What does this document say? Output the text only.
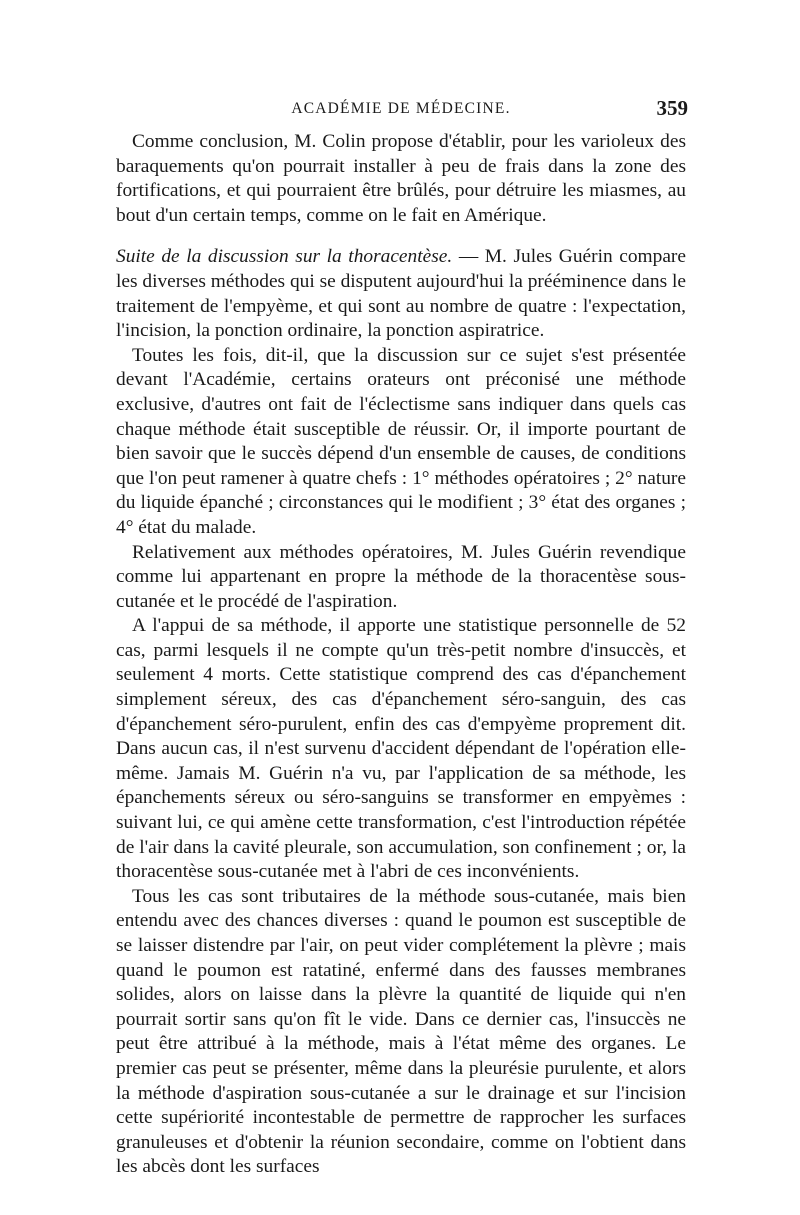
ACADÉMIE DE MÉDECINE.	359

Comme conclusion, M. Colin propose d'établir, pour les varioleux des baraquements qu'on pourrait installer à peu de frais dans la zone des fortifications, et qui pourraient être brûlés, pour détruire les miasmes, au bout d'un certain temps, comme on le fait en Amérique.

Suite de la discussion sur la thoracentèse. — M. Jules Guérin compare les diverses méthodes qui se disputent aujourd'hui la prééminence dans le traitement de l'empyème, et qui sont au nombre de quatre : l'expectation, l'incision, la ponction ordinaire, la ponction aspiratrice.

Toutes les fois, dit-il, que la discussion sur ce sujet s'est présentée devant l'Académie, certains orateurs ont préconisé une méthode exclusive, d'autres ont fait de l'éclectisme sans indiquer dans quels cas chaque méthode était susceptible de réussir. Or, il importe pourtant de bien savoir que le succès dépend d'un ensemble de causes, de conditions que l'on peut ramener à quatre chefs : 1° méthodes opératoires ; 2° nature du liquide épanché ; circonstances qui le modifient ; 3° état des organes ; 4° état du malade.

Relativement aux méthodes opératoires, M. Jules Guérin revendique comme lui appartenant en propre la méthode de la thoracentèse sous-cutanée et le procédé de l'aspiration.

A l'appui de sa méthode, il apporte une statistique personnelle de 52 cas, parmi lesquels il ne compte qu'un très-petit nombre d'insuccès, et seulement 4 morts. Cette statistique comprend des cas d'épanchement simplement séreux, des cas d'épanchement séro-sanguin, des cas d'épanchement séro-purulent, enfin des cas d'empyème proprement dit. Dans aucun cas, il n'est survenu d'accident dépendant de l'opération elle-même. Jamais M. Guérin n'a vu, par l'application de sa méthode, les épanchements séreux ou séro-sanguins se transformer en empyèmes : suivant lui, ce qui amène cette transformation, c'est l'introduction répétée de l'air dans la cavité pleurale, son accumulation, son confinement ; or, la thoracentèse sous-cutanée met à l'abri de ces inconvénients.

Tous les cas sont tributaires de la méthode sous-cutanée, mais bien entendu avec des chances diverses : quand le poumon est susceptible de se laisser distendre par l'air, on peut vider complétement la plèvre ; mais quand le poumon est ratatiné, enfermé dans des fausses membranes solides, alors on laisse dans la plèvre la quantité de liquide qui n'en pourrait sortir sans qu'on fît le vide. Dans ce dernier cas, l'insuccès ne peut être attribué à la méthode, mais à l'état même des organes. Le premier cas peut se présenter, même dans la pleurésie purulente, et alors la méthode d'aspiration sous-cutanée a sur le drainage et sur l'incision cette supériorité incontestable de permettre de rapprocher les surfaces granuleuses et d'obtenir la réunion secondaire, comme on l'obtient dans les abcès dont les surfaces
